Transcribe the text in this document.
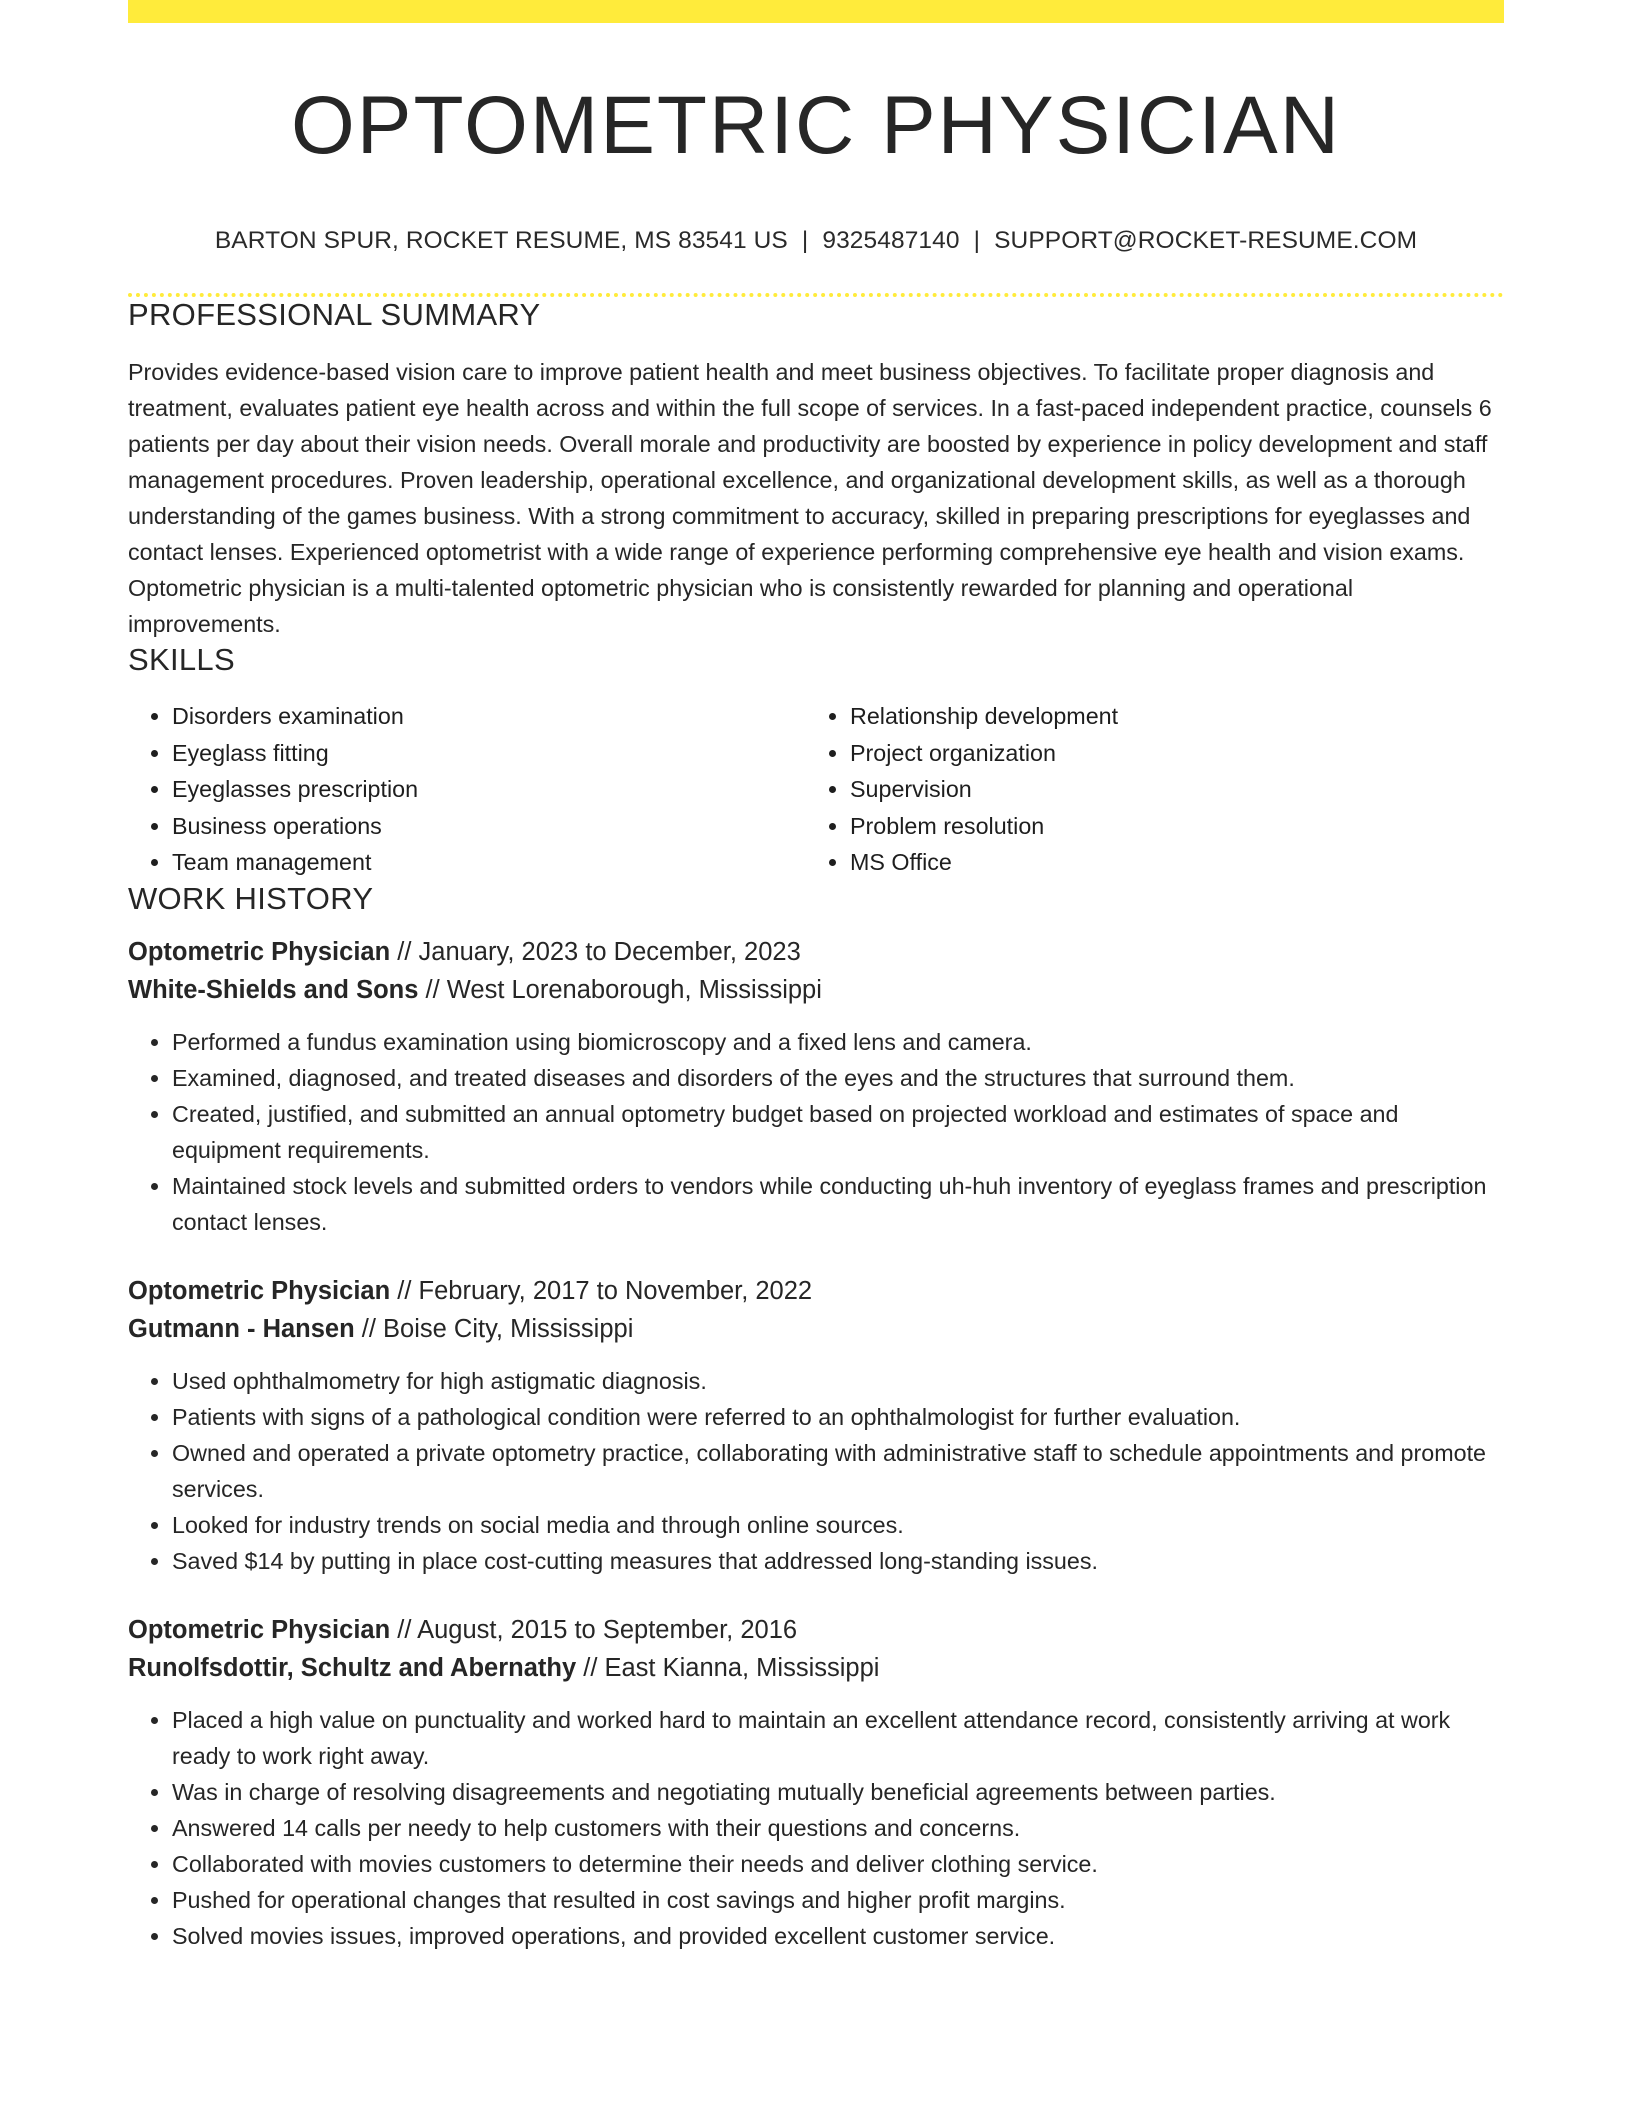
OPTOMETRIC PHYSICIAN
BARTON SPUR, ROCKET RESUME, MS 83541 US | 9325487140 | SUPPORT@ROCKET-RESUME.COM
PROFESSIONAL SUMMARY
Provides evidence-based vision care to improve patient health and meet business objectives. To facilitate proper diagnosis and treatment, evaluates patient eye health across and within the full scope of services. In a fast-paced independent practice, counsels 6 patients per day about their vision needs. Overall morale and productivity are boosted by experience in policy development and staff management procedures. Proven leadership, operational excellence, and organizational development skills, as well as a thorough understanding of the games business. With a strong commitment to accuracy, skilled in preparing prescriptions for eyeglasses and contact lenses. Experienced optometrist with a wide range of experience performing comprehensive eye health and vision exams. Optometric physician is a multi-talented optometric physician who is consistently rewarded for planning and operational improvements.
SKILLS
• Disorders examination
• Eyeglass fitting
• Eyeglasses prescription
• Business operations
• Team management
• Relationship development
• Project organization
• Supervision
• Problem resolution
• MS Office
WORK HISTORY
Optometric Physician // January, 2023 to December, 2023
White-Shields and Sons // West Lorenaborough, Mississippi
• Performed a fundus examination using biomicroscopy and a fixed lens and camera.
• Examined, diagnosed, and treated diseases and disorders of the eyes and the structures that surround them.
• Created, justified, and submitted an annual optometry budget based on projected workload and estimates of space and equipment requirements.
• Maintained stock levels and submitted orders to vendors while conducting uh-huh inventory of eyeglass frames and prescription contact lenses.
Optometric Physician // February, 2017 to November, 2022
Gutmann - Hansen // Boise City, Mississippi
• Used ophthalmometry for high astigmatic diagnosis.
• Patients with signs of a pathological condition were referred to an ophthalmologist for further evaluation.
• Owned and operated a private optometry practice, collaborating with administrative staff to schedule appointments and promote services.
• Looked for industry trends on social media and through online sources.
• Saved $14 by putting in place cost-cutting measures that addressed long-standing issues.
Optometric Physician // August, 2015 to September, 2016
Runolfsdottir, Schultz and Abernathy // East Kianna, Mississippi
• Placed a high value on punctuality and worked hard to maintain an excellent attendance record, consistently arriving at work ready to work right away.
• Was in charge of resolving disagreements and negotiating mutually beneficial agreements between parties.
• Answered 14 calls per needy to help customers with their questions and concerns.
• Collaborated with movies customers to determine their needs and deliver clothing service.
• Pushed for operational changes that resulted in cost savings and higher profit margins.
• Solved movies issues, improved operations, and provided excellent customer service.
